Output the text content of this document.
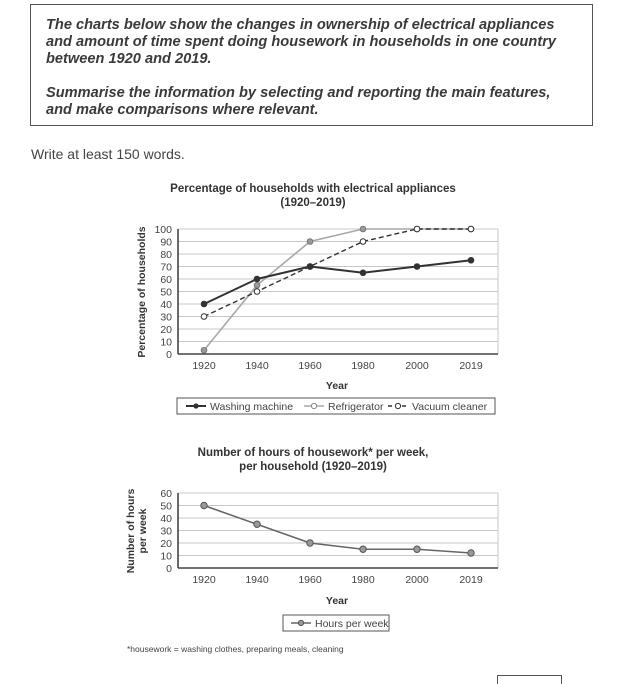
The charts below show the changes in ownership of electrical appliances and amount of time spent doing housework in households in one country between 1920 and 2019.

Summarise the information by selecting and reporting the main features, and make comparisons where relevant.

Write at least 150 words.
Percentage of households with electrical appliances
(1920–2019)
0
10
20
30
40
50
60
70
80
90
100
1920	1940	1960	1980	2000	2019
Percentage of households
Year
Washing machine	Refrigerator	Vacuum cleaner
Number of hours of housework* per week,
per household (1920–2019)
0
10
20
30
40
50
60
1920	1940	1960	1980	2000	2019
Number of hours per week
Year
Hours per week
*housework = washing clothes, preparing meals, cleaning
